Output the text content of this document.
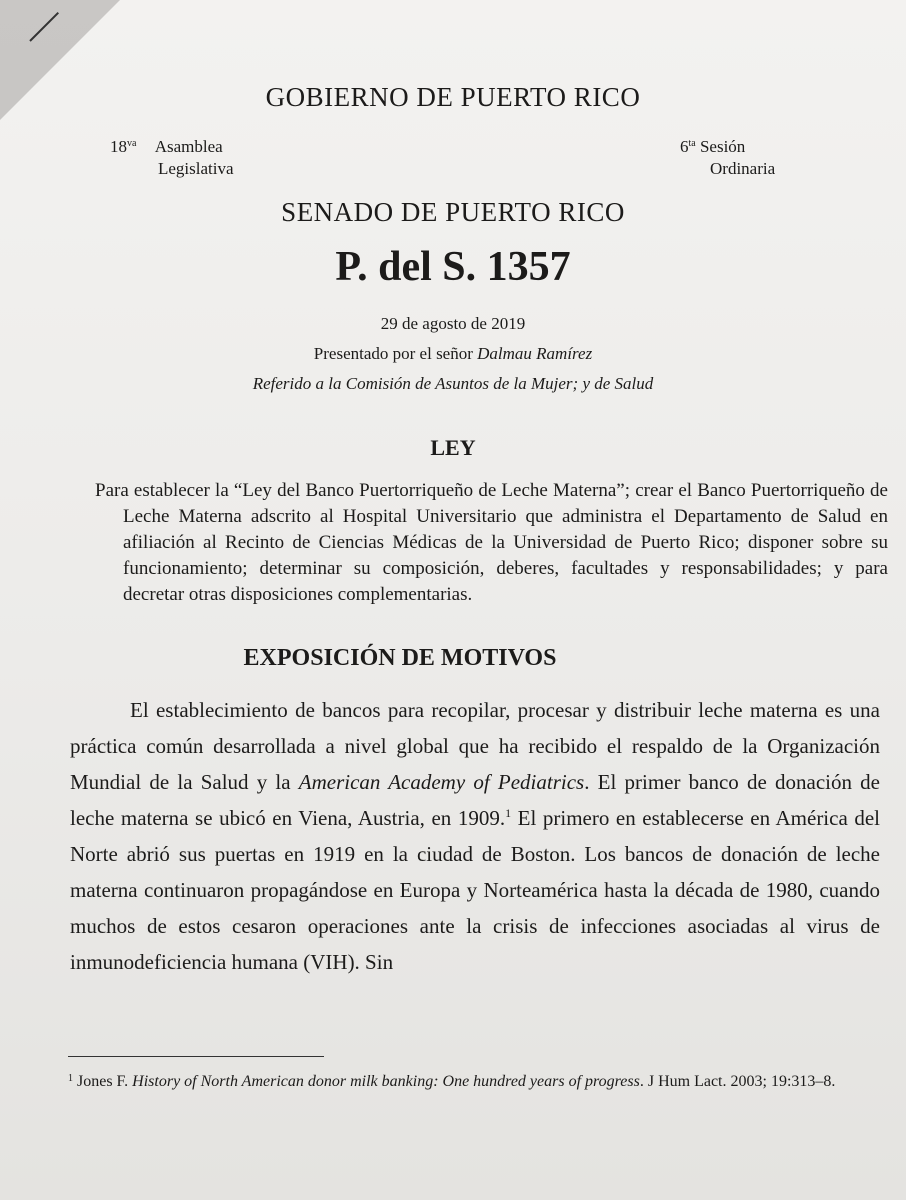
GOBIERNO DE PUERTO RICO
$18^{va}$ Asamblea
Legislativa
$6^{ta}$ Sesión
Ordinaria
SENADO DE PUERTO RICO
P. del S. 1357
29 de agosto de 2019
Presentado por el señor Dalmau Ramírez
Referido a la Comisión de Asuntos de la Mujer; y de Salud
LEY
Para establecer la “Ley del Banco Puertorriqueño de Leche Materna”; crear el Banco Puertorriqueño de Leche Materna adscrito al Hospital Universitario que administra el Departamento de Salud en afiliación al Recinto de Ciencias Médicas de la Universidad de Puerto Rico; disponer sobre su funcionamiento; determinar su composición, deberes, facultades y responsabilidades; y para decretar otras disposiciones complementarias.
EXPOSICIÓN DE MOTIVOS
El establecimiento de bancos para recopilar, procesar y distribuir leche materna es una práctica común desarrollada a nivel global que ha recibido el respaldo de la Organización Mundial de la Salud y la American Academy of Pediatrics. El primer banco de donación de leche materna se ubicó en Viena, Austria, en 1909.$^1$ El primero en establecerse en América del Norte abrió sus puertas en 1919 en la ciudad de Boston. Los bancos de donación de leche materna continuaron propagándose en Europa y Norteamérica hasta la década de 1980, cuando muchos de estos cesaron operaciones ante la crisis de infecciones asociadas al virus de inmunodeficiencia humana (VIH). Sin
$^1$ Jones F. History of North American donor milk banking: One hundred years of progress. J Hum Lact. 2003; 19:313–8.
